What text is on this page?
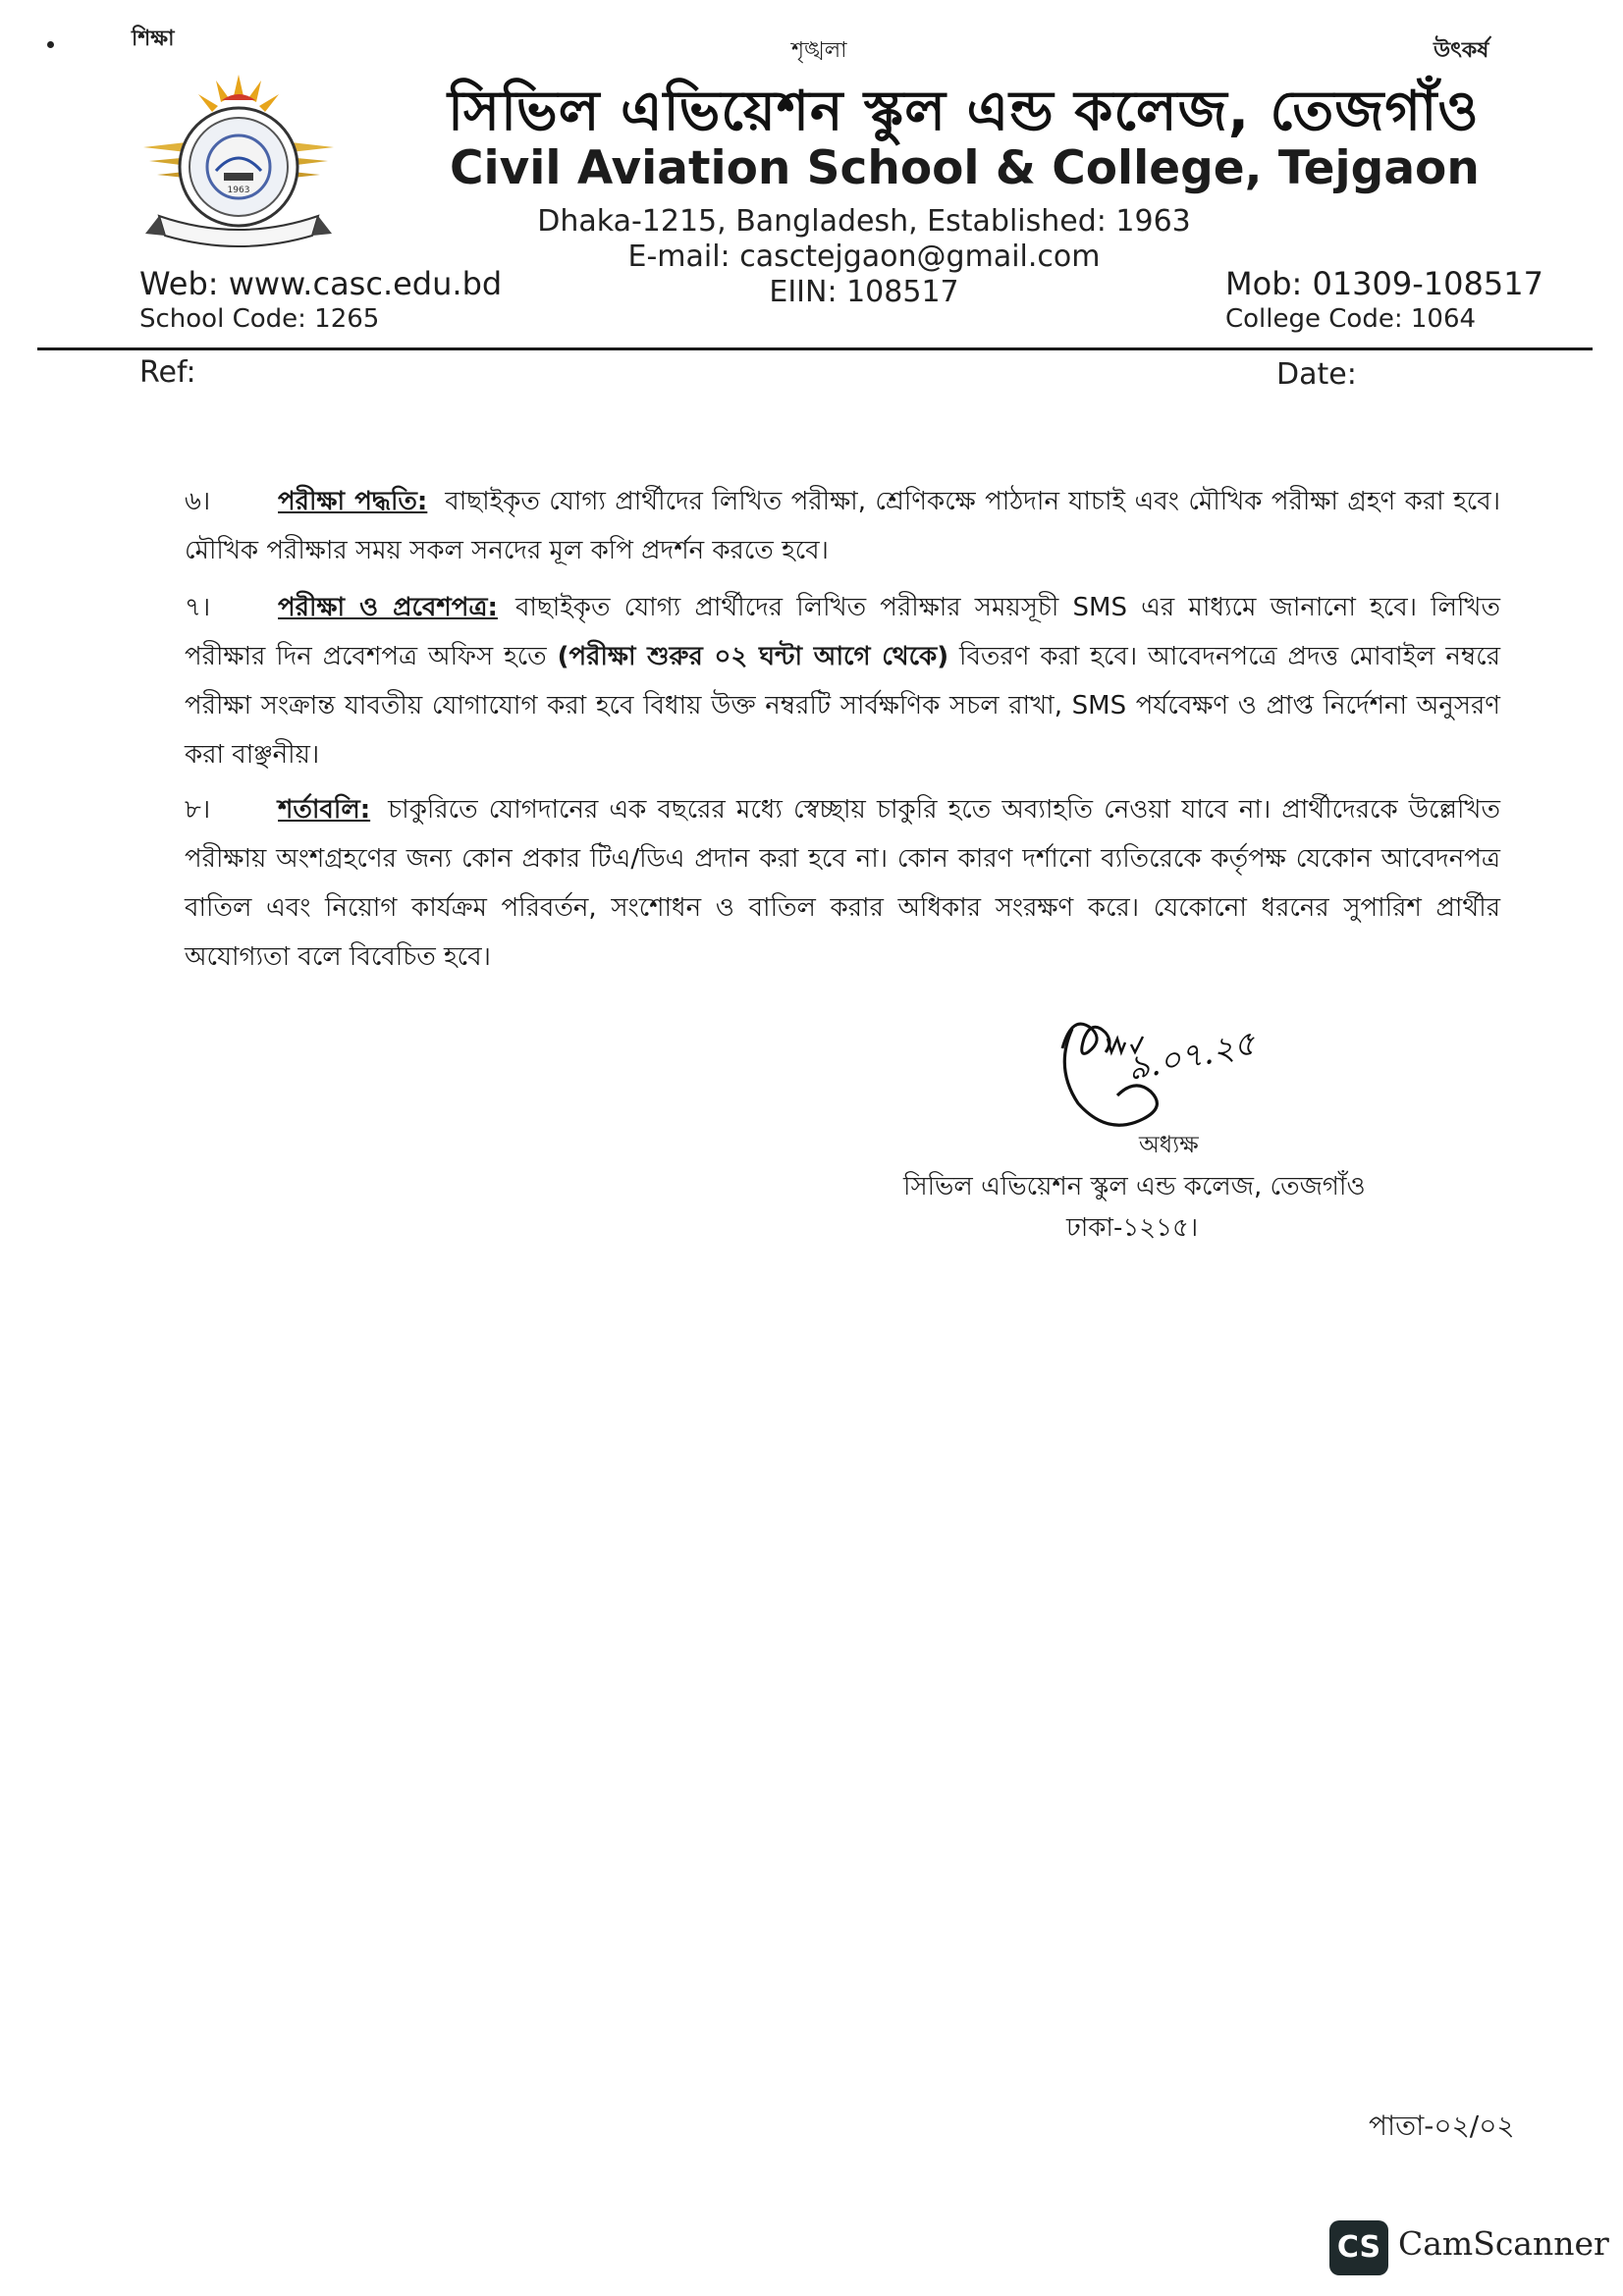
শিক্ষা	শৃঙ্খলা	উৎকর্ষ
1963
সিভিল এভিয়েশন স্কুল এন্ড কলেজ, তেজগাঁও
Civil Aviation School & College, Tejgaon
Dhaka-1215, Bangladesh, Established: 1963
E-mail: casctejgaon@gmail.com
EIIN: 108517
Web: www.casc.edu.bd
School Code: 1265
Mob: 01309-108517
College Code: 1064
Ref:	Date:
৬।	পরীক্ষা পদ্ধতি: বাছাইকৃত যোগ্য প্রার্থীদের লিখিত পরীক্ষা, শ্রেণিকক্ষে পাঠদান যাচাই এবং মৌখিক পরীক্ষা গ্রহণ করা হবে। মৌখিক পরীক্ষার সময় সকল সনদের মূল কপি প্রদর্শন করতে হবে।
৭।	পরীক্ষা ও প্রবেশপত্র: বাছাইকৃত যোগ্য প্রার্থীদের লিখিত পরীক্ষার সময়সূচী SMS এর মাধ্যমে জানানো হবে। লিখিত পরীক্ষার দিন প্রবেশপত্র অফিস হতে (পরীক্ষা শুরুর ০২ ঘন্টা আগে থেকে) বিতরণ করা হবে। আবেদনপত্রে প্রদত্ত মোবাইল নম্বরে পরীক্ষা সংক্রান্ত যাবতীয় যোগাযোগ করা হবে বিধায় উক্ত নম্বরটি সার্বক্ষণিক সচল রাখা, SMS পর্যবেক্ষণ ও প্রাপ্ত নির্দেশনা অনুসরণ করা বাঞ্ছনীয়।
৮।	শর্তাবলি: চাকুরিতে যোগদানের এক বছরের মধ্যে স্বেচ্ছায় চাকুরি হতে অব্যাহতি নেওয়া যাবে না। প্রার্থীদেরকে উল্লেখিত পরীক্ষায় অংশগ্রহণের জন্য কোন প্রকার টিএ/ডিএ প্রদান করা হবে না। কোন কারণ দর্শানো ব্যতিরেকে কর্তৃপক্ষ যেকোন আবেদনপত্র বাতিল এবং নিয়োগ কার্যক্রম পরিবর্তন, সংশোধন ও বাতিল করার অধিকার সংরক্ষণ করে। যেকোনো ধরনের সুপারিশ প্রার্থীর অযোগ্যতা বলে বিবেচিত হবে।
৯.০৭.২৫
অধ্যক্ষ
সিভিল এভিয়েশন স্কুল এন্ড কলেজ, তেজগাঁও
ঢাকা-১২১৫।
পাতা-০২/০২
CS CamScanner
